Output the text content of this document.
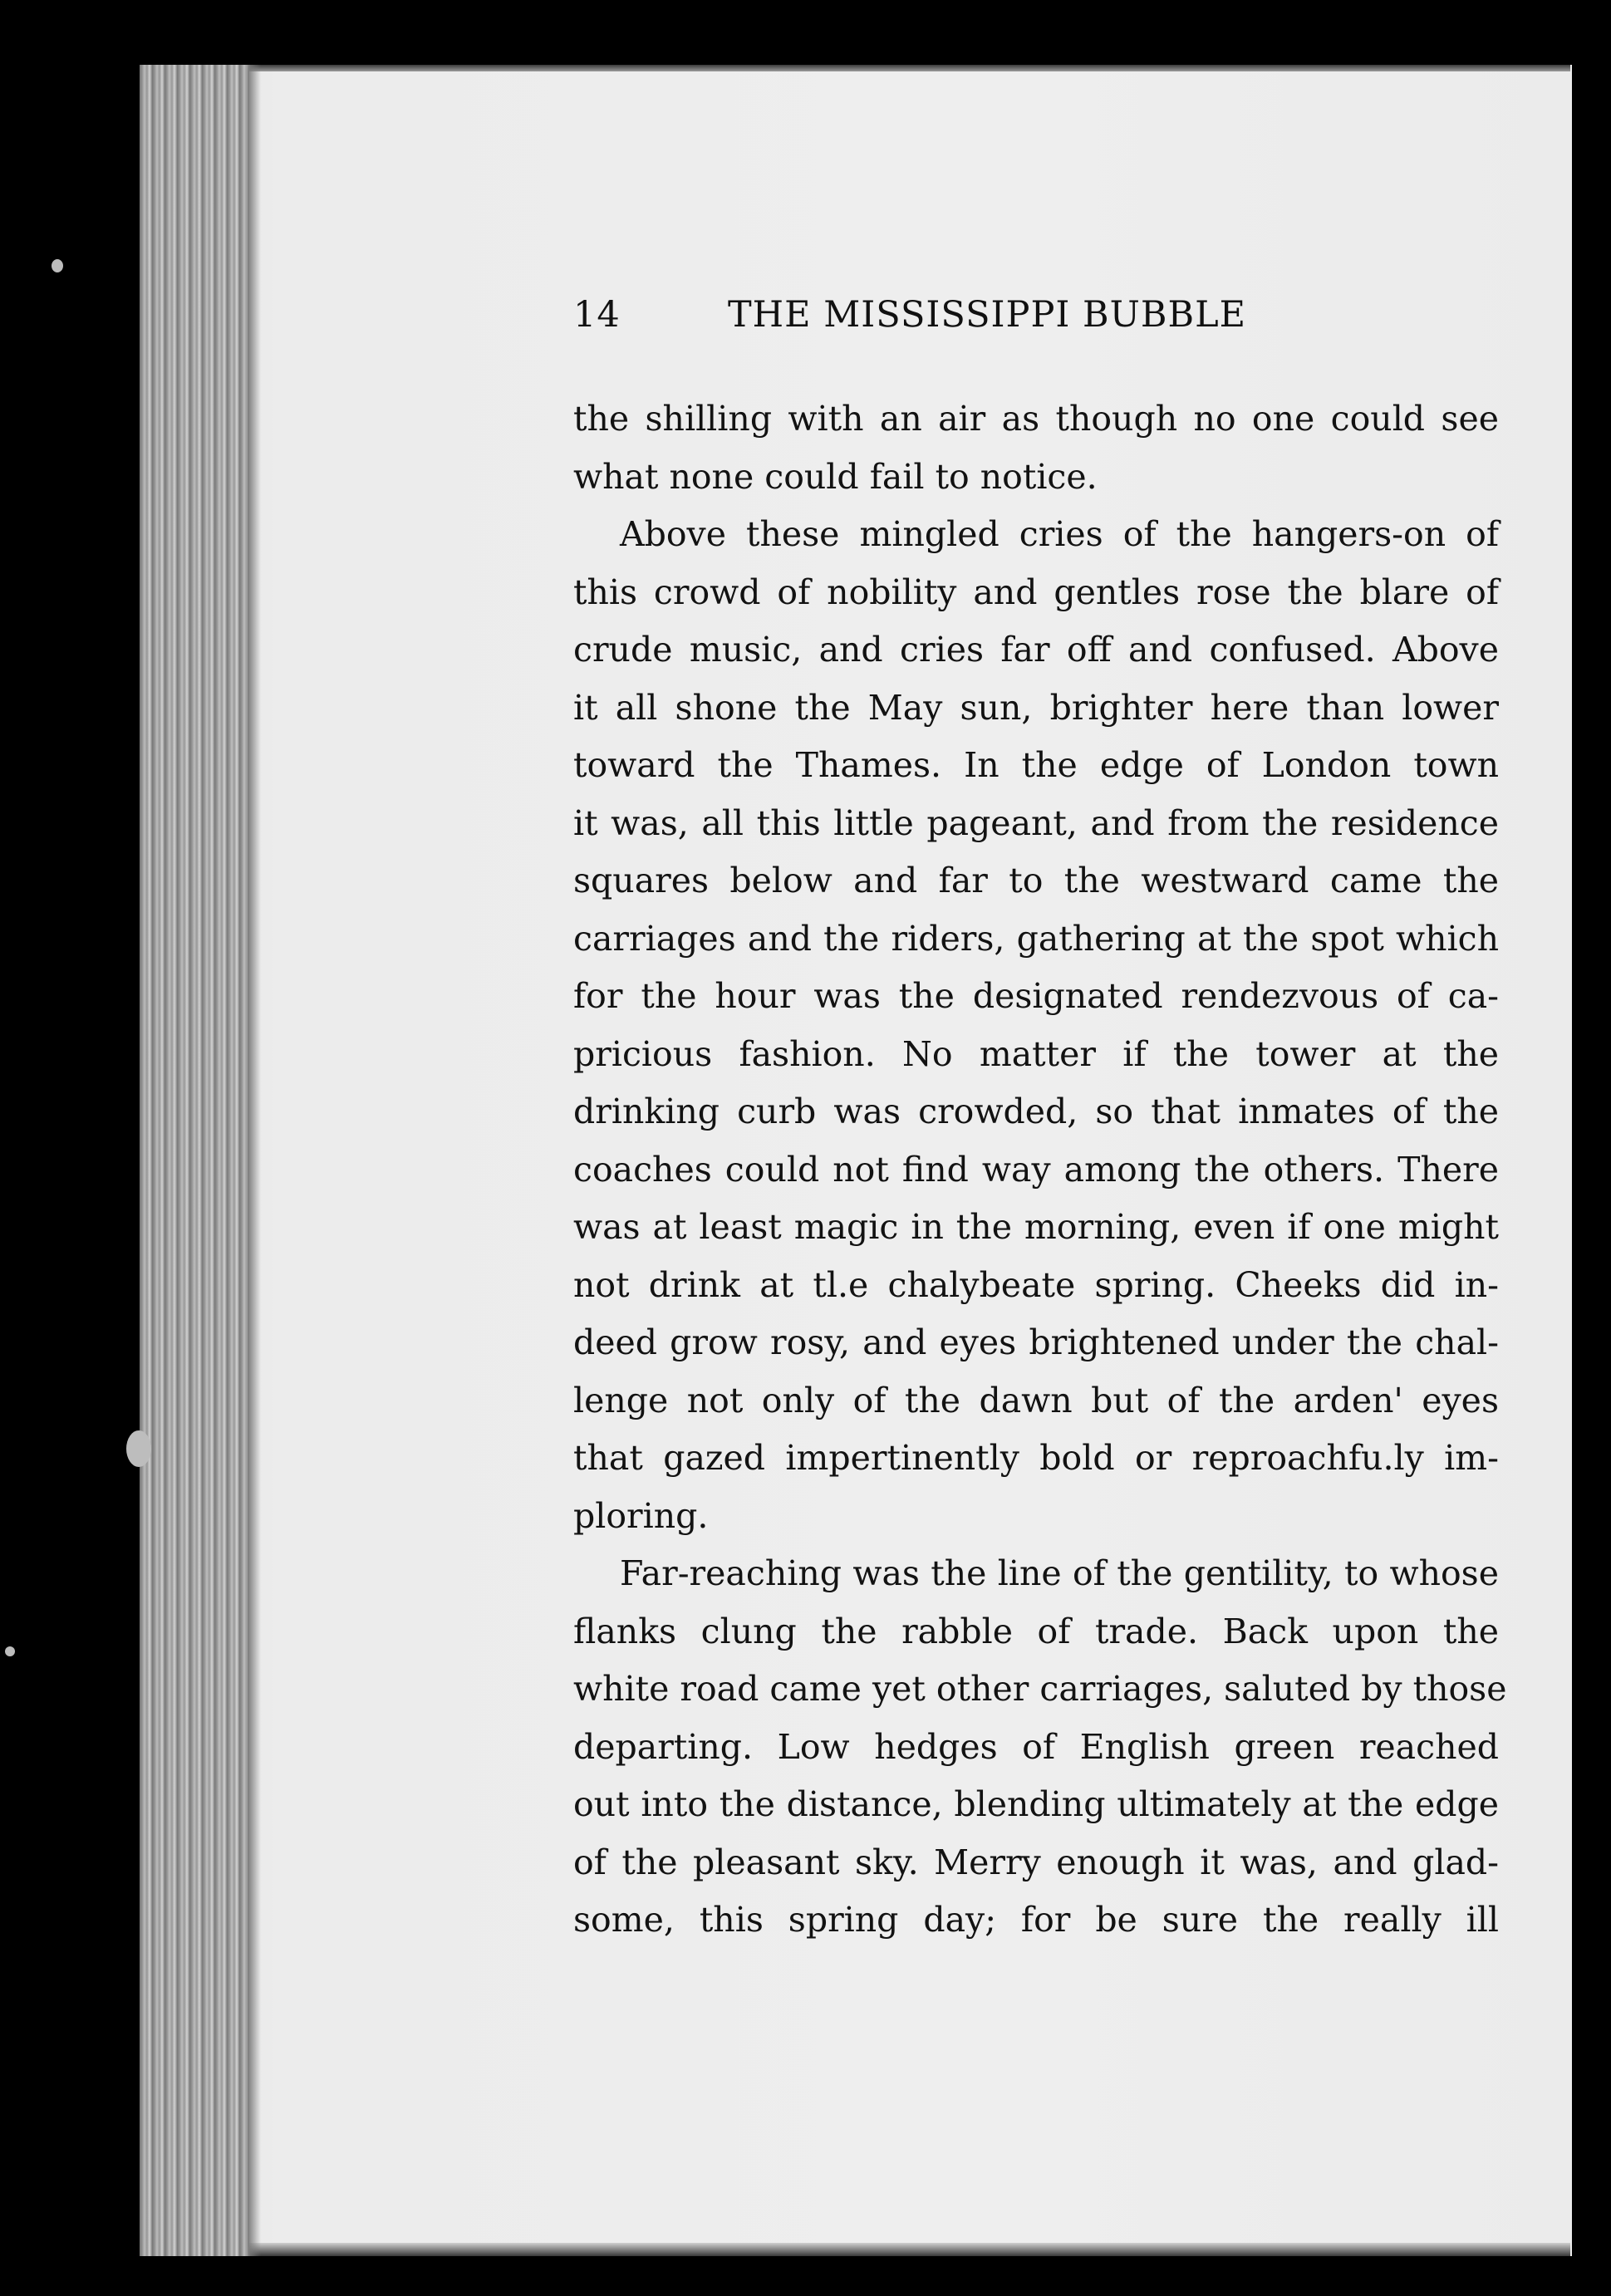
14	THE MISSISSIPPI BUBBLE
the shilling with an air as though no one could see
what none could fail to notice.
Above these mingled cries of the hangers-on of
this crowd of nobility and gentles rose the blare of
crude music, and cries far off and confused. Above
it all shone the May sun, brighter here than lower
toward the Thames. In the edge of London town
it was, all this little pageant, and from the residence
squares below and far to the westward came the
carriages and the riders, gathering at the spot which
for the hour was the designated rendezvous of ca-
pricious fashion. No matter if the tower at the
drinking curb was crowded, so that inmates of the
coaches could not find way among the others. There
was at least magic in the morning, even if one might
not drink at tl.e chalybeate spring. Cheeks did in-
deed grow rosy, and eyes brightened under the chal-
lenge not only of the dawn but of the arden' eyes
that gazed impertinently bold or reproachfu.ly im-
ploring.
Far-reaching was the line of the gentility, to whose
flanks clung the rabble of trade. Back upon the
white road came yet other carriages, saluted by those
departing. Low hedges of English green reached
out into the distance, blending ultimately at the edge
of the pleasant sky. Merry enough it was, and glad-
some, this spring day; for be sure the really ill
